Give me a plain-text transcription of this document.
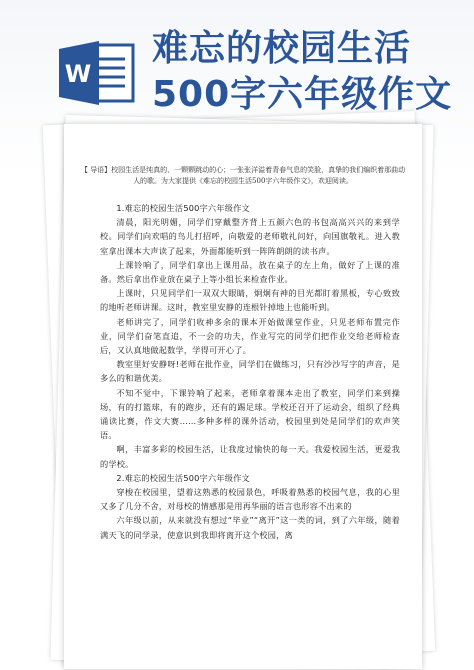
W
难忘的校园生活500字六年级作文
【 导语】校园生活是纯真的、一颗颗跳动的心；一张张洋溢着青春气息的笑脸，真挚的我们编织着那曲动人的歌。为大家提供《难忘的校园生活500字六年级作文》，欢迎阅读。

1.难忘的校园生活500字六年级作文

清晨，阳光明媚，同学们穿戴整齐背上五颜六色的书包高高兴兴的来到学校。同学们向欢唱的鸟儿打招呼，向敬爱的老师敬礼问好，向国旗敬礼。进入教室拿出课本大声读了起来，外面都能听到一阵阵朗朗的读书声。

上课铃响了，同学们拿出上课用品，放在桌子的左上角，做好了上课的准备。然后拿出作业放在桌子上等小组长来检查作业。

上课时，只见同学们一双双大眼睛，炯炯有神的目光都盯着黑板，专心致致的地听老师讲课。这时，教室里安静的连根针掉地上也能听到。

老师讲完了，同学们收神多余的课本开始做课堂作业，只见老师布置完作业，同学们奋笔直追，不一会的功夫，作业写完的同学们把作业交给老师检查后，又认真地做起数学，学得可开心了。

教室里好安静呀!老师在批作业，同学们在做练习，只有沙沙写字的声音，是多么的和谐优美。

不知不觉中，下课铃响了起来，老师拿着课本走出了教室，同学们来到操场，有的打篮球，有的跑步，还有的踢足球。学校还召开了运动会，组织了经典诵读比赛，作文大赛……多种多样的课外活动，校园里到处是同学们的欢声笑语。

啊，丰富多彩的校园生活，让我度过愉快的每一天。我爱校园生活，更爱我的学校。

2.难忘的校园生活500字六年级作文

穿梭在校园里，望着这熟悉的校园景色，呼吸着熟悉的校园气息，我的心里又多了几分不舍，对母校的情感那是用再华丽的语言也形容不出来的

六年级以前，从来就没有想过“毕业”“离开”这一类的词，到了六年级，随着满天飞的同学录，使意识到我即将离开这个校园，离
